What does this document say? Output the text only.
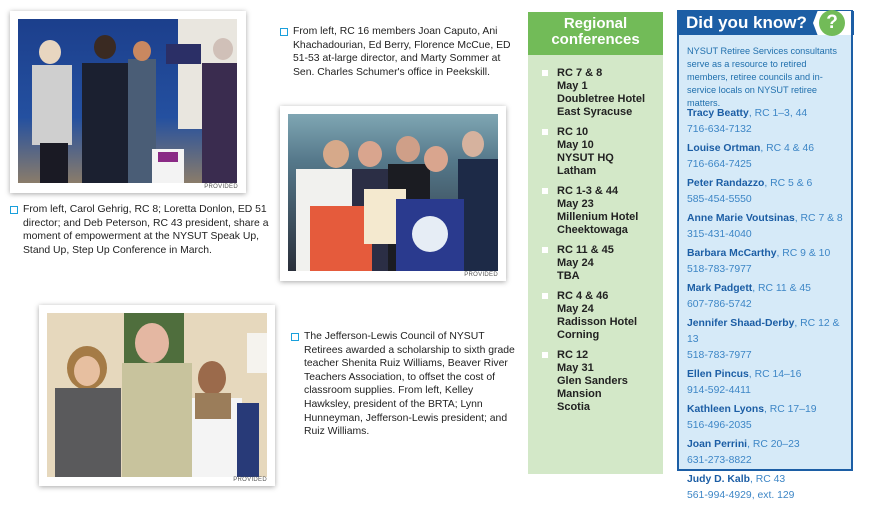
PROVIDED

From left, Carol Gehrig, RC 8; Loretta Donlon, ED 51 director; and Deb Peterson, RC 43 president, share a moment of empowerment at the NYSUT Speak Up, Stand Up, Step Up Conference in March.

From left, RC 16 members Joan Caputo, Ani Khachadourian, Ed Berry, Florence McCue, ED 51-53 at-large director, and Marty Sommer at Sen. Charles Schumer's office in Peekskill.

PROVIDED
PROVIDED

The Jefferson-Lewis Council of NYSUT Retirees awarded a scholarship to sixth grade teacher Shenita Ruiz Williams, Beaver River Teachers Association, to offset the cost of classroom supplies. From left, Kelley Hawksley, president of the BRTA; Lynn Hunneyman, Jefferson-Lewis president; and Ruiz Williams.

Regional
conferences
RC 7 & 8
May 1
Doubletree Hotel
East Syracuse
RC 10
May 10
NYSUT HQ
Latham
RC 1-3 & 44
May 23
Millenium Hotel
Cheektowaga
RC 11 & 45
May 24
TBA
RC 4 & 46
May 24
Radisson Hotel
Corning
RC 12
May 31
Glen Sanders
Mansion
Scotia
Did you know?	?
NYSUT Retiree Services consultants serve as a resource to retired members, retiree councils and in-service locals on NYSUT retiree matters.
Tracy Beatty, RC 1–3, 44
716-634-7132
Louise Ortman, RC 4 & 46
716-664-7425
Peter Randazzo, RC 5 & 6
585-454-5550
Anne Marie Voutsinas, RC 7 & 8
315-431-4040
Barbara McCarthy, RC 9 & 10
518-783-7977
Mark Padgett, RC 11 & 45
607-786-5742
Jennifer Shaad-Derby, RC 12 & 13
518-783-7977
Ellen Pincus, RC 14–16
914-592-4411
Kathleen Lyons, RC 17–19
516-496-2035
Joan Perrini, RC 20–23
631-273-8822
Judy D. Kalb, RC 43
561-994-4929, ext. 129
